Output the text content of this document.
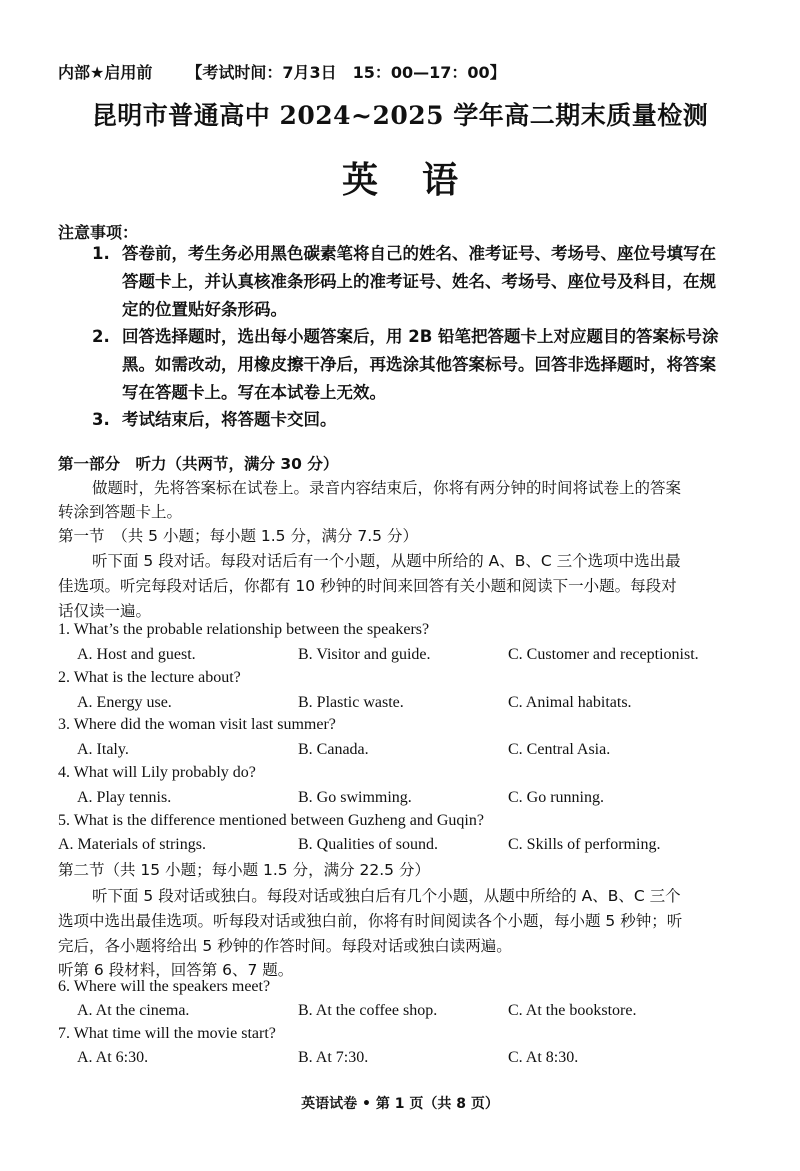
内部★启用前 【考试时间：7月3日　15：00—17：00】
昆明市普通高中 2024~2025 学年高二期末质量检测
英语
注意事项：
1. 答卷前，考生务必用黑色碳素笔将自己的姓名、准考证号、考场号、座位号填写在
答题卡上，并认真核准条形码上的准考证号、姓名、考场号、座位号及科目，在规
定的位置贴好条形码。
2. 回答选择题时，选出每小题答案后，用 2B 铅笔把答题卡上对应题目的答案标号涂
黑。如需改动，用橡皮擦干净后，再选涂其他答案标号。回答非选择题时，将答案
写在答题卡上。写在本试卷上无效。
3. 考试结束后，将答题卡交回。
第一部分　听力（共两节，满分 30 分）
做题时，先将答案标在试卷上。录音内容结束后，你将有两分钟的时间将试卷上的答案
转涂到答题卡上。
第一节　（共 5 小题；每小题 1.5 分，满分 7.5 分）
听下面 5 段对话。每段对话后有一个小题，从题中所给的 A、B、C 三个选项中选出最
佳选项。听完每段对话后，你都有 10 秒钟的时间来回答有关小题和阅读下一小题。每段对
话仅读一遍。
1. What’s the probable relationship between the speakers?
A. Host and guest.	B. Visitor and guide.	C. Customer and receptionist.
2. What is the lecture about?
A. Energy use.	B. Plastic waste.	C. Animal habitats.
3. Where did the woman visit last summer?
A. Italy.	B. Canada.	C. Central Asia.
4. What will Lily probably do?
A. Play tennis.	B. Go swimming.	C. Go running.
5. What is the difference mentioned between Guzheng and Guqin?
A. Materials of strings.	B. Qualities of sound.	C. Skills of performing.
第二节（共 15 小题；每小题 1.5 分，满分 22.5 分）
听下面 5 段对话或独白。每段对话或独白后有几个小题，从题中所给的 A、B、C 三个
选项中选出最佳选项。听每段对话或独白前，你将有时间阅读各个小题，每小题 5 秒钟；听
完后，各小题将给出 5 秒钟的作答时间。每段对话或独白读两遍。
听第 6 段材料，回答第 6、7 题。
6. Where will the speakers meet?
A. At the cinema.	B. At the coffee shop.	C. At the bookstore.
7. What time will the movie start?
A. At 6:30.	B. At 7:30.	C. At 8:30.
英语试卷 • 第 1 页（共 8 页）
